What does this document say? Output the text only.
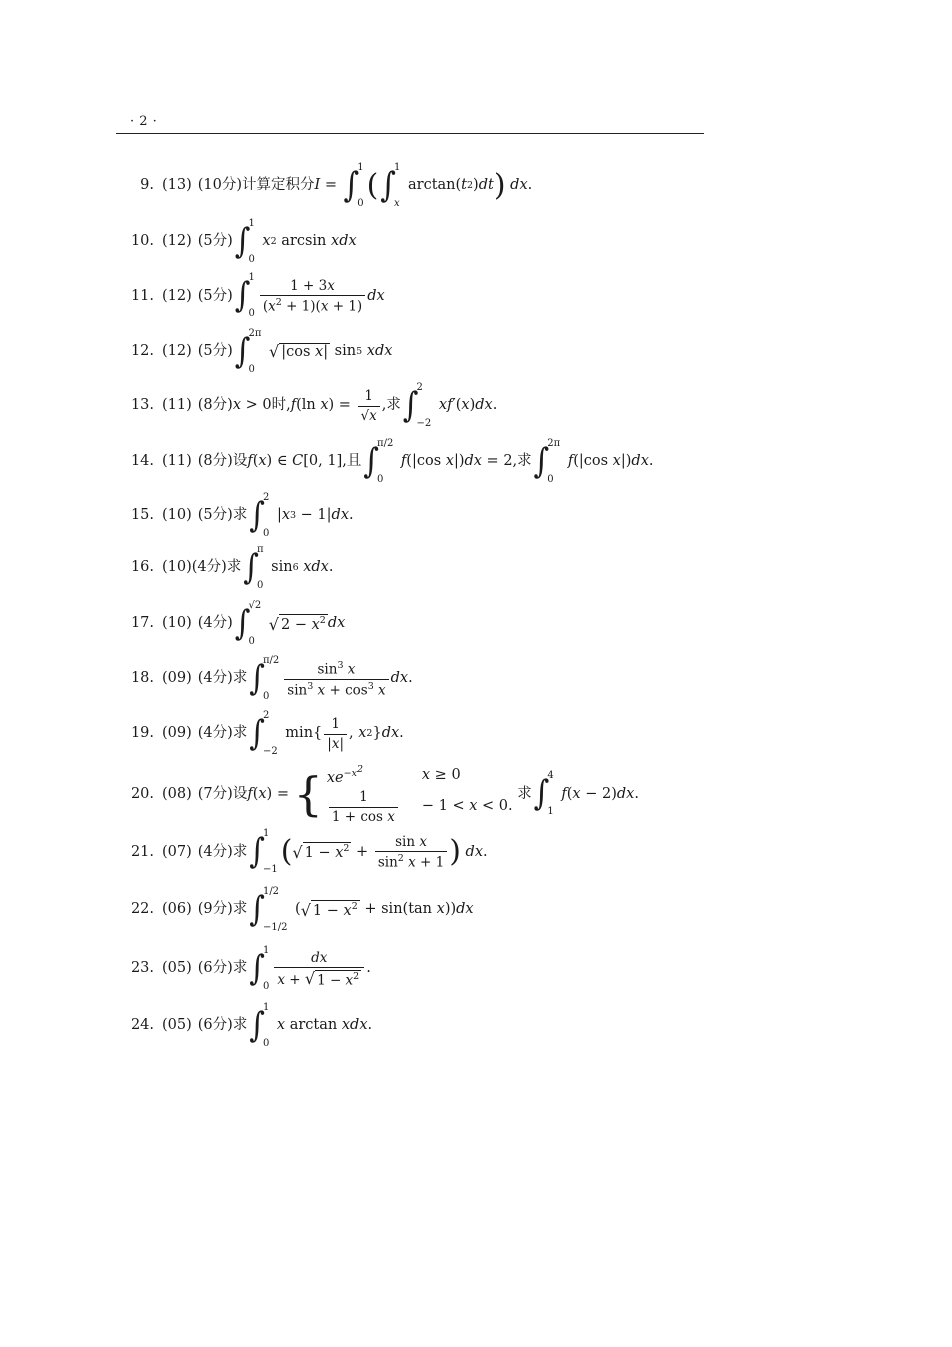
· 2 ·
9. (13) (10分) 计算定积分 I = ∫
1
0
( ∫
1
x
arctan( t 2 ) dt ) dx .
10. (12) (5分) ∫
1
0
x 2 arcsin xdx
11. (12) (5分) ∫
1
$0 \frac{1 + 3x}{(x^2 + 1)(x + 1)}$ dx
12. (12) (5分) ∫
2π
0

√ |cos x| sin 5 xdx
13. (11) (8分) x > 0 时, f (ln x ) = $\frac{1}{√x}$ ,求 ∫
2
−2
xf ′( x ) dx .
14. (11) (8分) 设 f ( x ) ∈ C [0, 1] ,且 ∫
π/2
0
f (|cos x |) dx = 2 ,求 ∫
2π
0
f (|cos x |) dx .
15. (10) (5分) 求 ∫
2
0

| x 3 − 1| dx .
16. (10) (4分) 求 ∫
π
0
sin 6 xdx .
17. (10) (4分) ∫
√2
0

√ $2 - x^2$ dx
18. (09) (4分) 求 ∫
π/2
0	$\frac{\sin^3 x}{\sin^3 x + \cos^3 x}$ dx .
19. (09) (4分) 求 ∫
2
−2
$\min\{ \frac{1}{|x|}$ , x 2 } dx .
20. (08) (7分) 设 f ( x ) = { $xe^{-x^2}$	x ≥ 0
$\frac{1}{\text{1 + cos x}} - 1 < x < 0$.

求 ∫
4
1
f ( x − 2) dx .
21. (07) (4分) 求 ∫
1
−1
( √ $1 - x^2 + \frac{\text{sin x}}{\sin^2 x + 1}$ ) dx .
22. (06) (9分) 求 ∫
1/2
−1/2
( √ $1 - x^2 + \sin(\tan$ x )) dx
23. (05) (6分) 求 ∫
1
$0 \frac{dx}{x + √ 1 - x^2}$ .
24. (05) (6分) 求 ∫
1
0
x arctan xdx .
